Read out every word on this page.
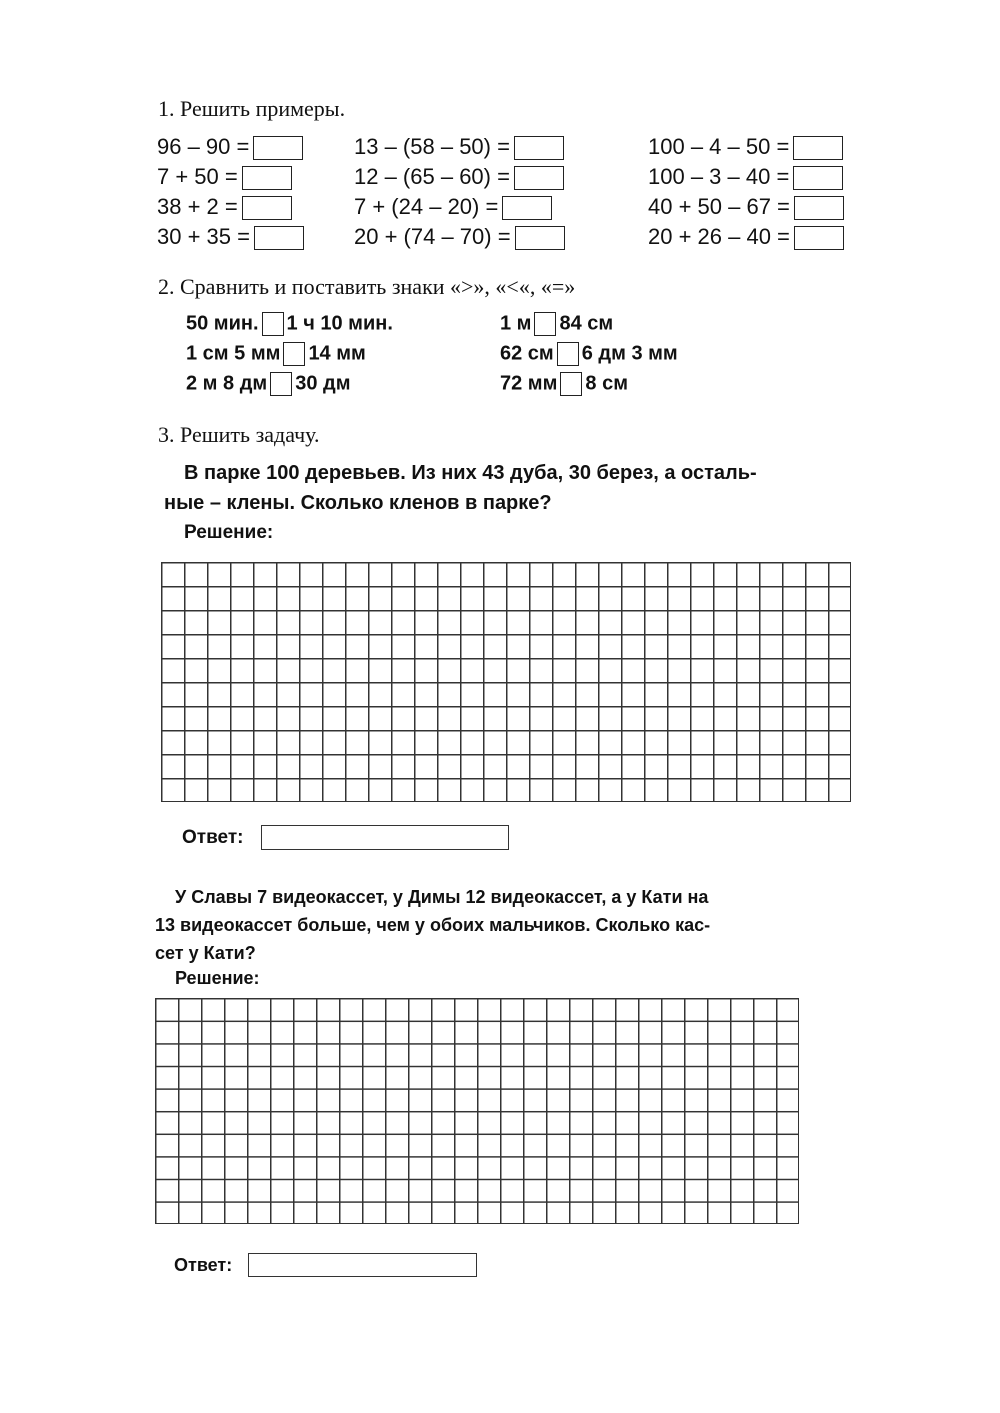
1. Решить примеры.
96 – 90 =
7 + 50 =
38 + 2 =
30 + 35 =
13 – (58 – 50) =
12 – (65 – 60) =
7 + (24 – 20) =
20 + (74 – 70) =
100 – 4 – 50 =
100 – 3 – 40 =
40 + 50 – 67 =
20 + 26 – 40 =
2. Сравнить и поставить знаки «>», «<«, «=»
50 мин. 1 ч 10 мин.
1 см 5 мм 14 мм
2 м 8 дм 30 дм
1 м 84 см
62 см 6 дм 3 мм
72 мм 8 см
3. Решить задачу.
В парке 100 деревьев. Из них 43 дуба, 30 берез, а осталь-
ные – клены. Сколько кленов в парке?
Решение:
Ответ:
У Славы 7 видеокассет, у Димы 12 видеокассет, а у Кати на
13 видеокассет больше, чем у обоих мальчиков. Сколько кас-
сет у Кати?
Решение:
Ответ:
